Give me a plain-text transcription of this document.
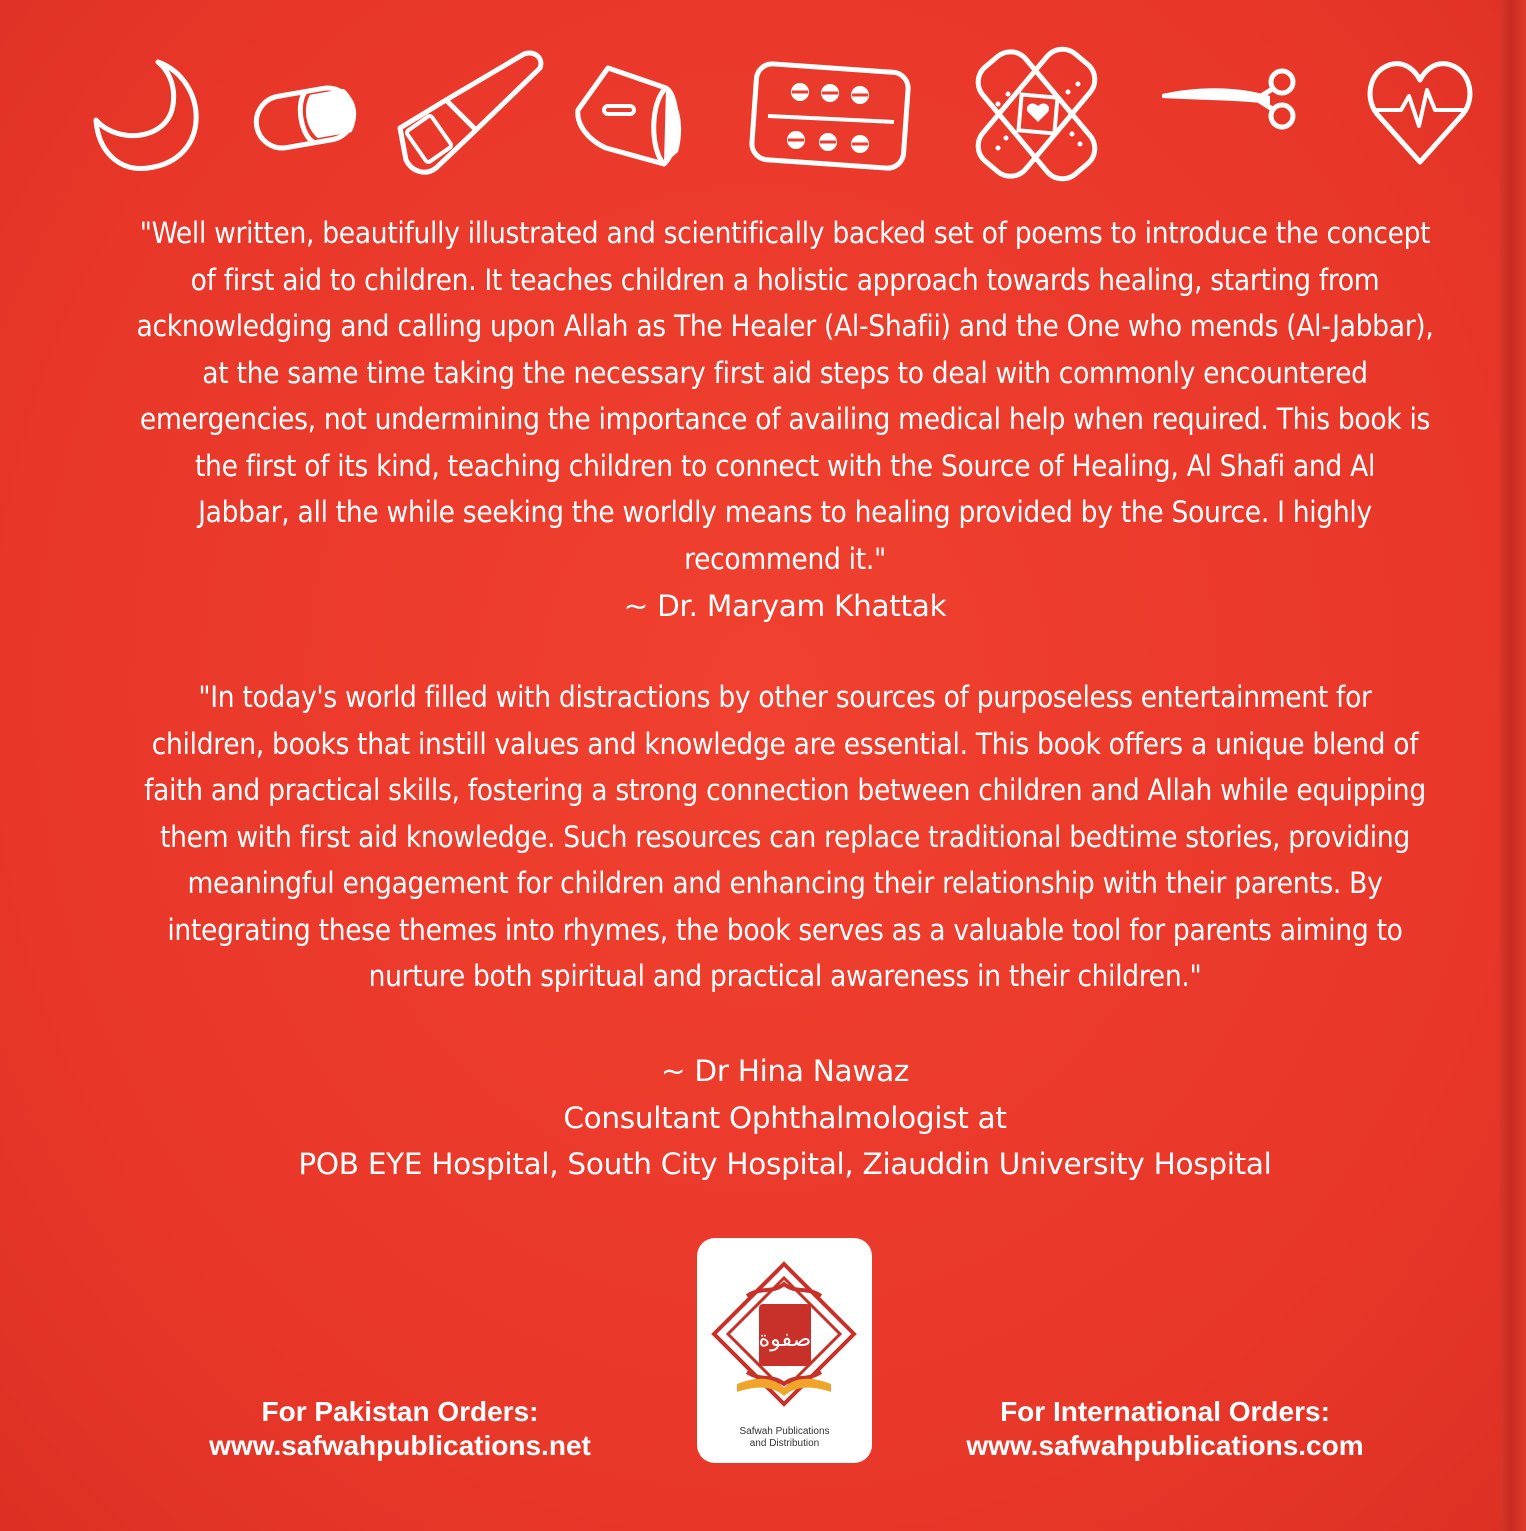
"Well written, beautifully illustrated and scientifically backed set of poems to introduce the concept

of first aid to children. It teaches children a holistic approach towards healing, starting from

acknowledging and calling upon Allah as The Healer (Al-Shafii) and the One who mends (Al-Jabbar),

at the same time taking the necessary first aid steps to deal with commonly encountered

emergencies, not undermining the importance of availing medical help when required. This book is

the first of its kind, teaching children to connect with the Source of Healing, Al Shafi and Al

Jabbar, all the while seeking the worldly means to healing provided by the Source. I highly

recommend it."

~ Dr. Maryam Khattak

"In today's world filled with distractions by other sources of purposeless entertainment for

children, books that instill values and knowledge are essential. This book offers a unique blend of

faith and practical skills, fostering a strong connection between children and Allah while equipping

them with first aid knowledge. Such resources can replace traditional bedtime stories, providing

meaningful engagement for children and enhancing their relationship with their parents. By

integrating these themes into rhymes, the book serves as a valuable tool for parents aiming to

nurture both spiritual and practical awareness in their children."

~ Dr Hina Nawaz
Consultant Ophthalmologist at
POB EYE Hospital, South City Hospital, Ziauddin University Hospital
For Pakistan Orders:
www.safwahpublications.net
For International Orders:
www.safwahpublications.com
ﺻﻔﻮﺓ
Safwah Publications
and Distribution
